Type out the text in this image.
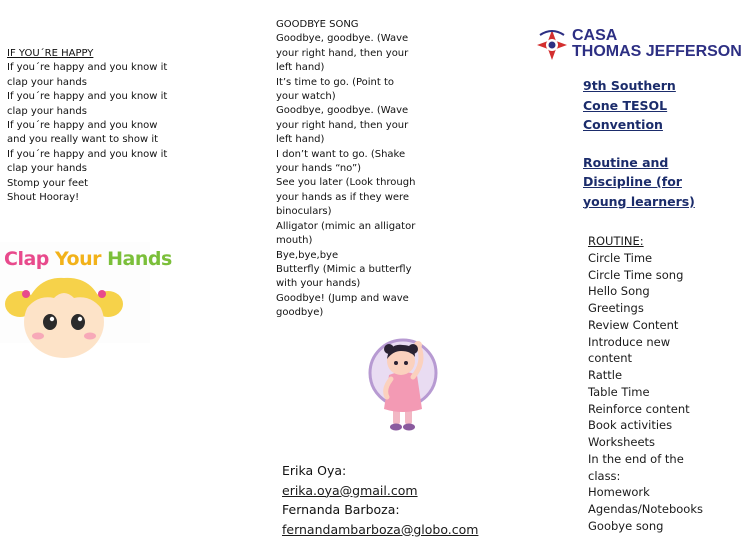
IF YOU´RE HAPPY
If you´re happy and you know it
clap your hands
If you´re happy and you know it
clap your hands
If you´re happy and you know
and you really want to show it
If you´re happy and you know it
clap your hands
Stomp your feet
Shout Hooray!
Clap Your Hands
GOODBYE SONG
Goodbye, goodbye. (Wave
your right hand, then your
left hand)
It’s time to go. (Point to
your watch)
Goodbye, goodbye. (Wave
your right hand, then your
left hand)
I don’t want to go. (Shake
your hands “no”)
See you later (Look through
your hands as if they were
binoculars)
Alligator (mimic an alligator
mouth)
Bye,bye,bye
Butterfly (Mimic a butterfly
with your hands)
Goodbye! (Jump and wave
goodbye)
Erika Oya:
erika.oya@gmail.com
Fernanda Barboza:
fernandambarboza@globo.com
CASA
THOMAS JEFFERSON
9th Southern
Cone TESOL
Convention
Routine and
Discipline (for
young learners)
ROUTINE:
Circle Time
Circle Time song
Hello Song
Greetings
Review Content
Introduce new
content
Rattle
Table Time
Reinforce content
Book activities
Worksheets
In the end of the
class:
Homework
Agendas/Notebooks
Goobye song
